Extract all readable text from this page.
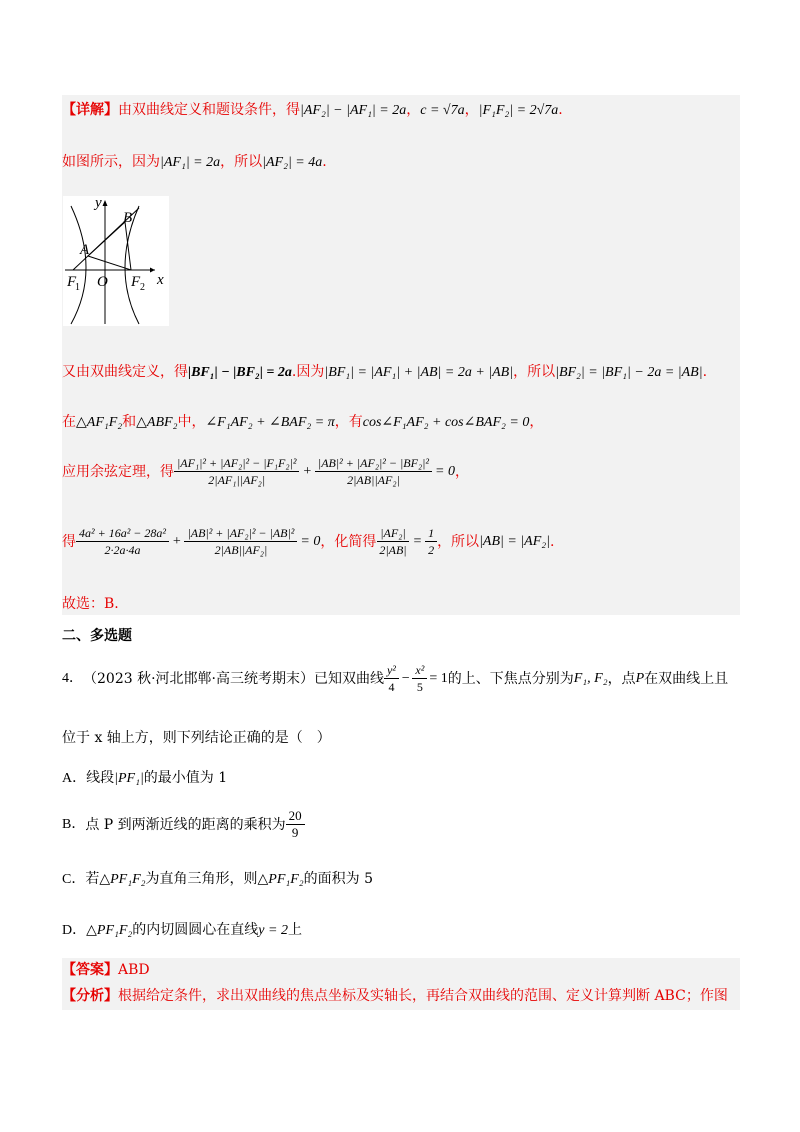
【详解】由双曲线定义和题设条件，得|AF₂| − |AF₁| = 2a，c = √7a，|F₁F₂| = 2√7a.
如图所示，因为|AF₁| = 2a，所以|AF₂| = 4a.
y
x
O
A
B
F
1	F 2
又由双曲线定义，得|BF₁| − |BF₂| = 2a.因为|BF₁| = |AF₁| + |AB| = 2a + |AB|，所以|BF₂| = |BF₁| − 2a = |AB|.
在△AF₁F₂和△ABF₂中，∠F₁AF₂ + ∠BAF₂ = π，有cos∠F₁AF₂ + cos∠BAF₂ = 0，
应用余弦定理，得 $\frac{\text{|AF₁|² + |AF₂|² − |F₁F₂|²}}{\text{2|AF₁||AF₂|}} + \frac{\text{|AB|² + |AF₂|² − |BF₂|²}}{\text{2|AB||AF₂|}} = 0$ ，
得 $\frac{\text{4a² + 16a² − 28a²}}{2\cdot 2a\cdot 4a} + \frac{\text{|AB|² + |AF₂|² − |AB|²}}{\text{2|AB||AF₂|}} = 0$ ，化简得 $\frac{\text{|AF₂|}}{2|AB|} = \frac{1}{2}$ ，所以 |AB| = |AF₂| .
故选：B.
二、多选题
4． （2023 秋·河北邯郸·高三统考期末）已知双曲线 $\frac{\text{y²}}{4} - \frac{\text{x²}}{5} = 1$ 的上、下焦点分别为 F₁, F₂ ，点 P 在双曲线上且
位于 x 轴上方，则下列结论正确的是（　）
A．线段|PF₁|的最小值为 1
B． 点 P 到两渐近线的距离的乘积为 $\frac{20}{9}$
C．若△PF₁F₂为直角三角形，则△PF₁F₂的面积为 5
D．△PF₁F₂的内切圆圆心在直线y = 2上
【答案】ABD
【分析】根据给定条件，求出双曲线的焦点坐标及实轴长，再结合双曲线的范围、定义计算判断 ABC；作图
